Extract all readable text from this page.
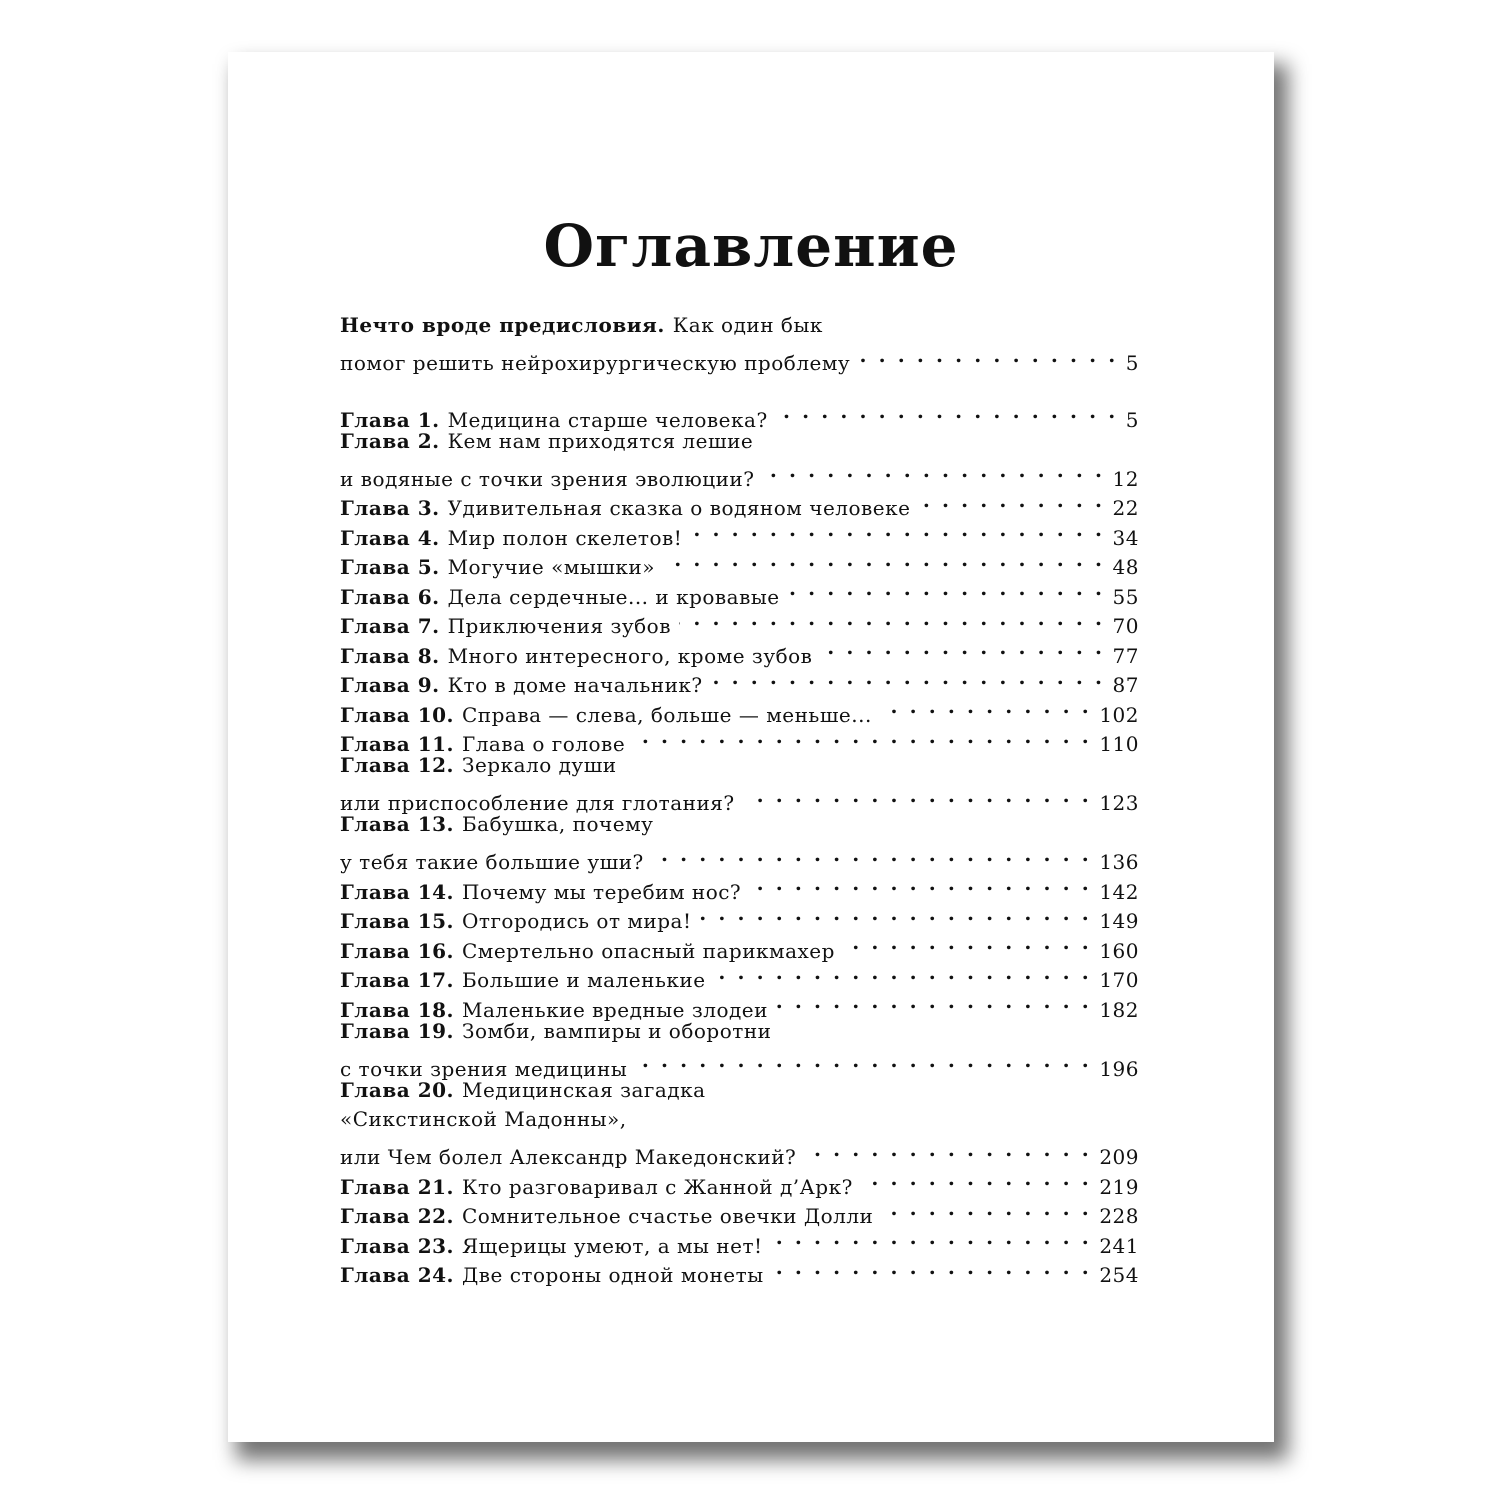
Оглавление
Нечто вроде предисловия. Как один бык
помог решить нейрохирургическую проблему . . .	5
Глава 1. Медицина старше человека? . . .	5
Глава 2. Кем нам приходятся лешие
и водяные с точки зрения эволюции? . . .	12
Глава 3. Удивительная сказка о водяном человеке . . .	22
Глава 4. Мир полон скелетов! . . .	34
Глава 5. Могучие «мышки» . . .	48
Глава 6. Дела сердечные... и кровавые . . .	55
Глава 7. Приключения зубов . . .	70
Глава 8. Много интересного, кроме зубов . . .	77
Глава 9. Кто в доме начальник? . . .	87
Глава 10. Справа — слева, больше — меньше... . . .	102
Глава 11. Глава о голове . . .	110
Глава 12. Зеркало души
или приспособление для глотания? . . .	123
Глава 13. Бабушка, почему
у тебя такие большие уши? . . .	136
Глава 14. Почему мы теребим нос? . . .	142
Глава 15. Отгородись от мира! . . .	149
Глава 16. Смертельно опасный парикмахер . . .	160
Глава 17. Большие и маленькие . . .	170
Глава 18. Маленькие вредные злодеи . . .	182
Глава 19. Зомби, вампиры и оборотни
с точки зрения медицины . . .	196
Глава 20. Медицинская загадка
«Сикстинской Мадонны»,
или Чем болел Александр Македонский? . . .	209
Глава 21. Кто разговаривал с Жанной д’Арк? . . .	219
Глава 22. Сомнительное счастье овечки Долли . . .	228
Глава 23. Ящерицы умеют, а мы нет! . . .	241
Глава 24. Две стороны одной монеты . . .	254
